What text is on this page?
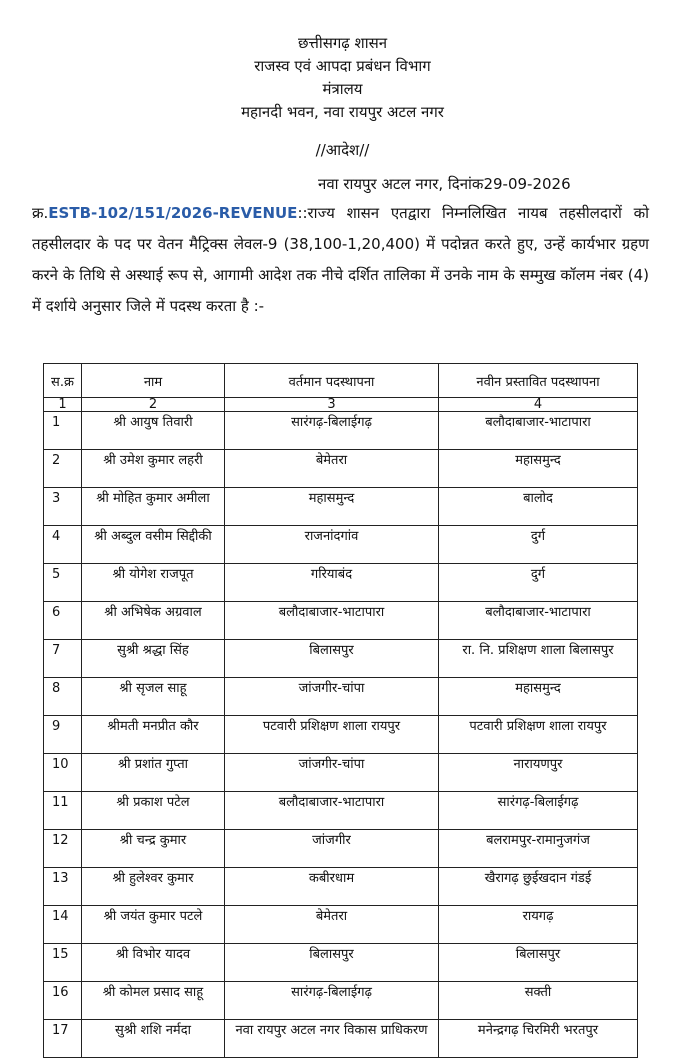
छत्तीसगढ़ शासन
राजस्व एवं आपदा प्रबंधन विभाग
मंत्रालय
महानदी भवन, नवा रायपुर अटल नगर
//आदेश//
नवा रायपुर अटल नगर, दिनांक29-09-2026
क्र.ESTB-102/151/2026-REVENUE::राज्य शासन एतद्वारा निम्नलिखित नायब तहसीलदारों को तहसीलदार के पद पर वेतन मैट्रिक्स लेवल-9 (38,100-1,20,400) में पदोन्नत करते हुए, उन्हें कार्यभार ग्रहण करने के तिथि से अस्थाई रूप से, आगामी आदेश तक नीचे दर्शित तालिका में उनके नाम के सम्मुख कॉलम नंबर (4) में दर्शाये अनुसार जिले में पदस्थ करता है :-
स.क्र	नाम	वर्तमान पदस्थापना	नवीन प्रस्तावित पदस्थापना
1	2	3	4
1	श्री आयुष तिवारी	सारंगढ़-बिलाईगढ़	बलौदाबाजार-भाटापारा
2	श्री उमेश कुमार लहरी	बेमेतरा	महासमुन्द
3	श्री मोहित कुमार अमीला	महासमुन्द	बालोद
4	श्री अब्दुल वसीम सिद्दीकी	राजनांदगांव	दुर्ग
5	श्री योगेश राजपूत	गरियाबंद	दुर्ग
6	श्री अभिषेक अग्रवाल	बलौदाबाजार-भाटापारा	बलौदाबाजार-भाटापारा
7	सुश्री श्रद्धा सिंह	बिलासपुर	रा. नि. प्रशिक्षण शाला बिलासपुर
8	श्री सृजल साहू	जांजगीर-चांपा	महासमुन्द
9	श्रीमती मनप्रीत कौर	पटवारी प्रशिक्षण शाला रायपुर	पटवारी प्रशिक्षण शाला रायपुर
10	श्री प्रशांत गुप्ता	जांजगीर-चांपा	नारायणपुर
11	श्री प्रकाश पटेल	बलौदाबाजार-भाटापारा	सारंगढ़-बिलाईगढ़
12	श्री चन्द्र कुमार	जांजगीर	बलरामपुर-रामानुजगंज
13	श्री हुलेश्वर कुमार	कबीरधाम	खैरागढ़ छुईखदान गंडई
14	श्री जयंत कुमार पटले	बेमेतरा	रायगढ़
15	श्री विभोर यादव	बिलासपुर	बिलासपुर
16	श्री कोमल प्रसाद साहू	सारंगढ़-बिलाईगढ़	सक्ती
17	सुश्री शशि नर्मदा	नवा रायपुर अटल नगर विकास प्राधिकरण	मनेन्द्रगढ़ चिरमिरी भरतपुर
